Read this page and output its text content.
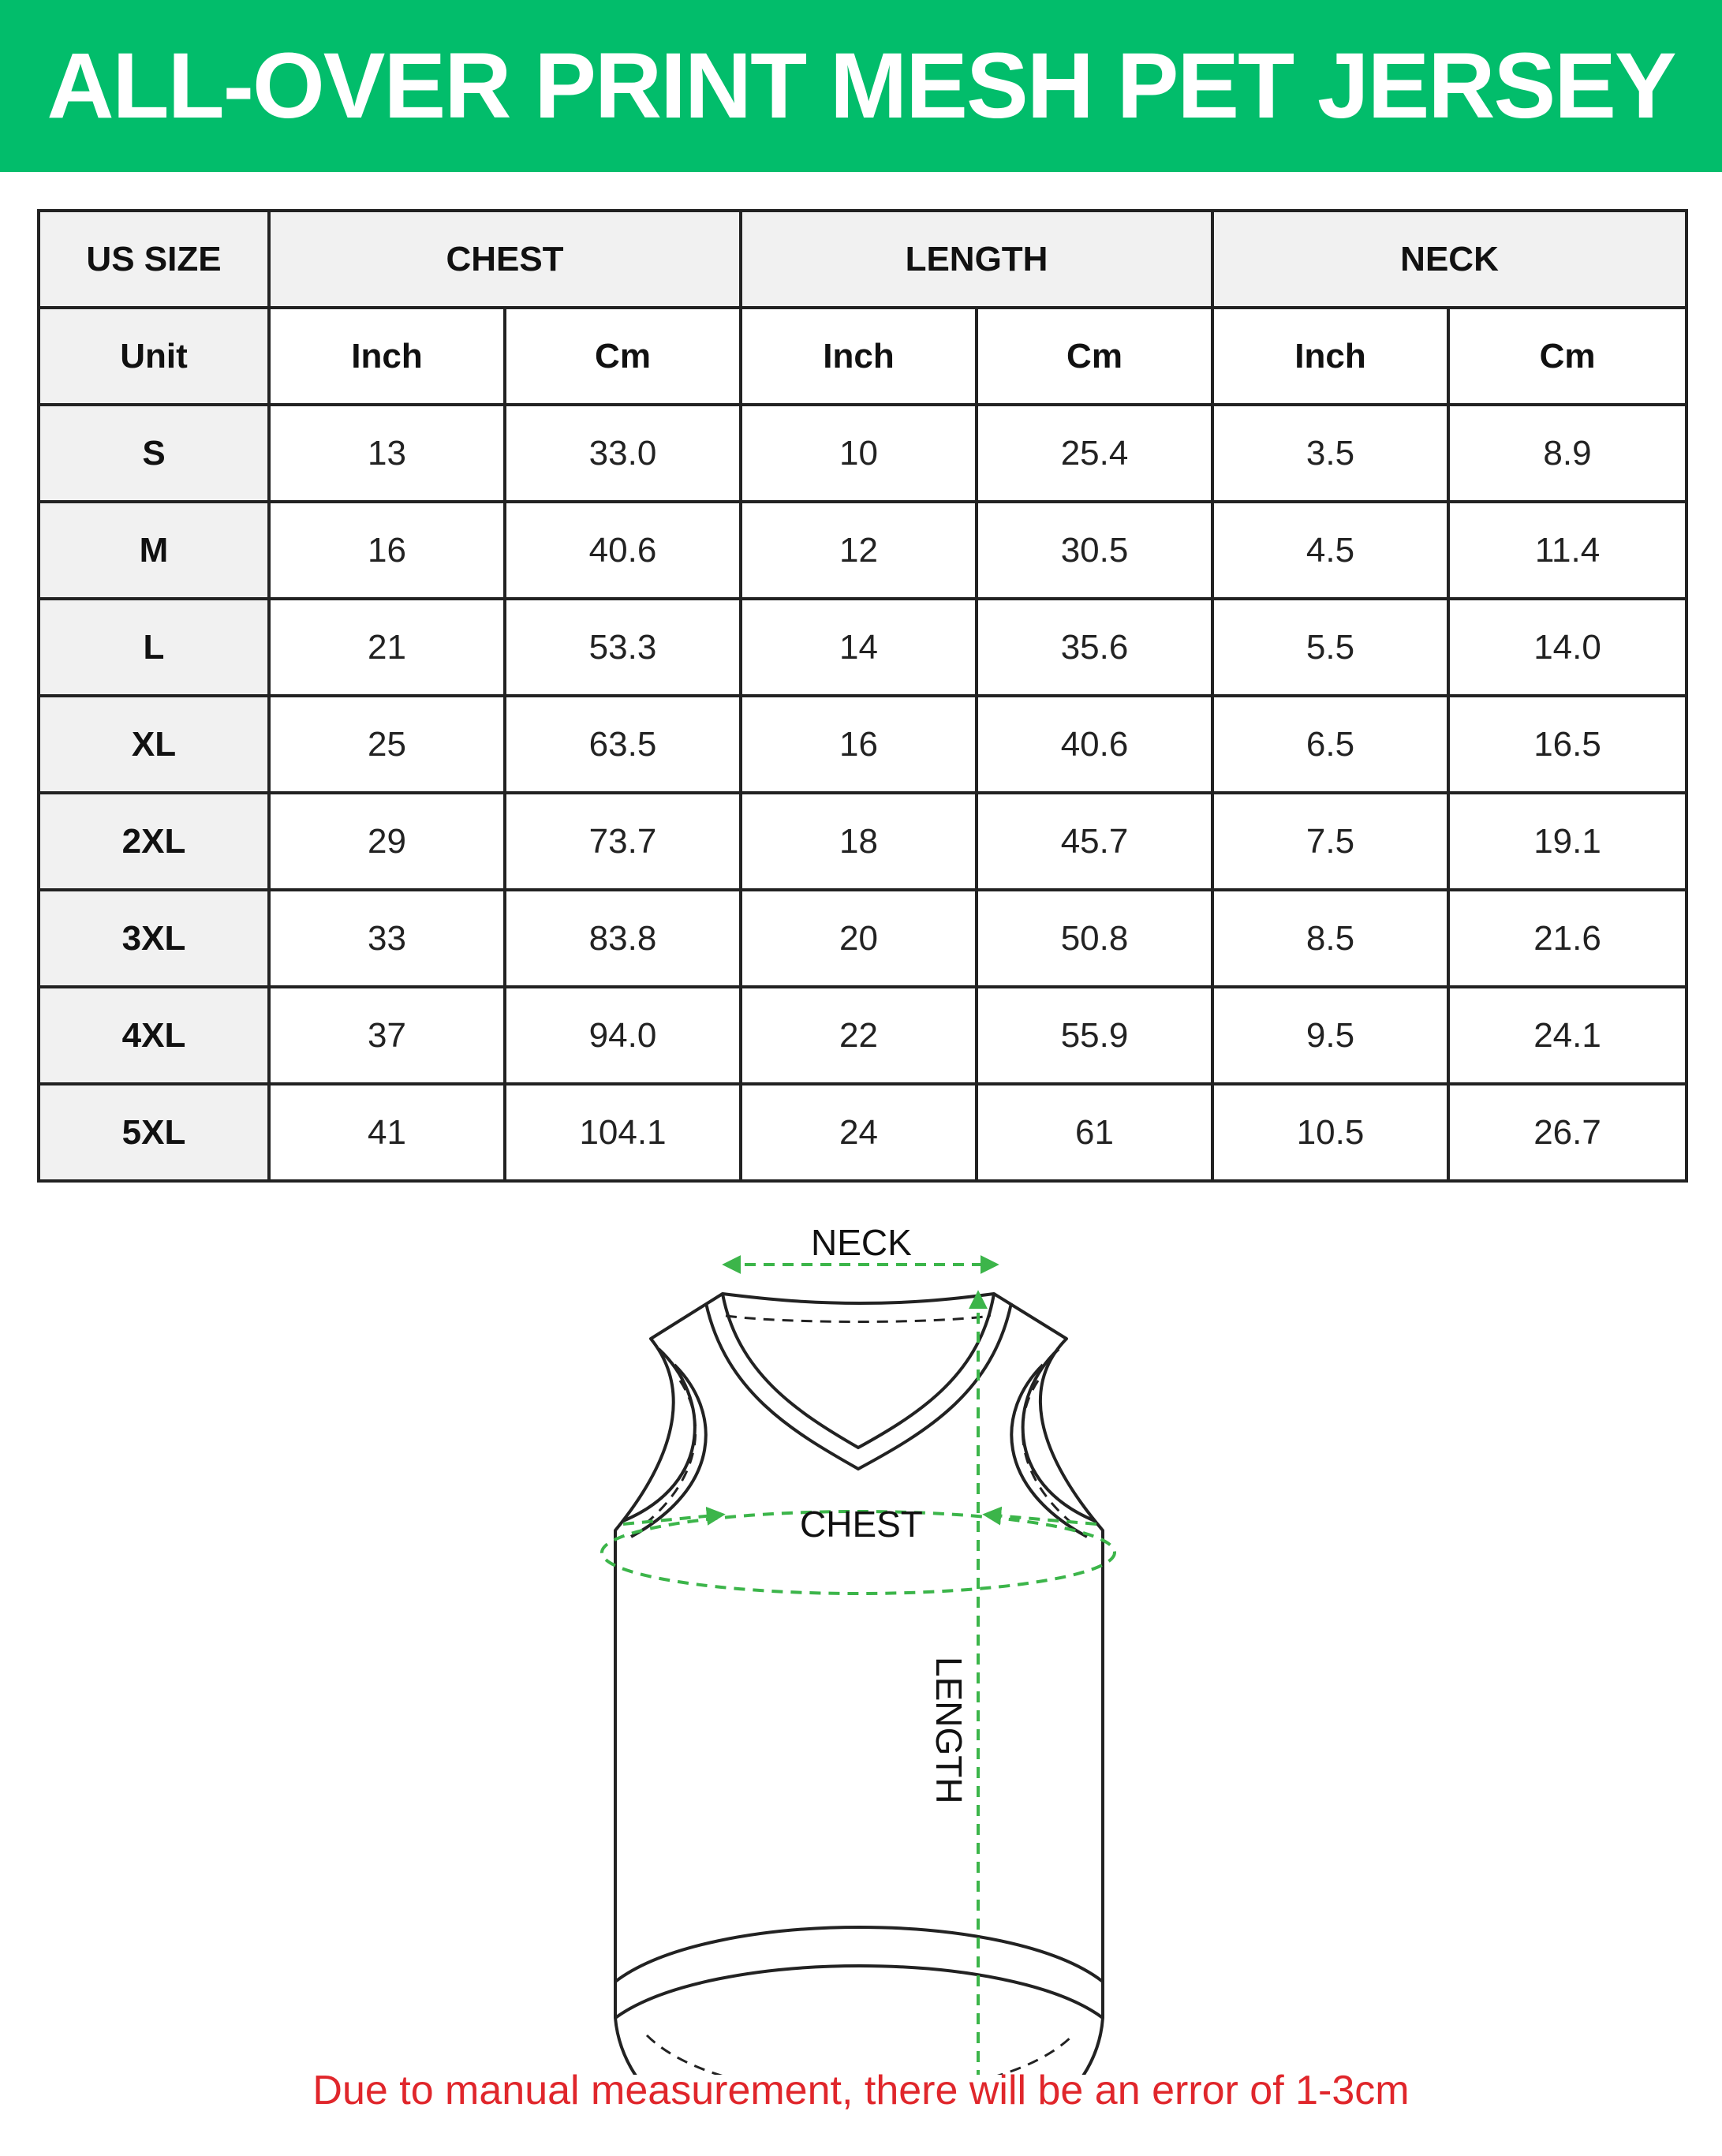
ALL-OVER PRINT MESH PET JERSEY
US SIZE	CHEST		LENGTH		NECK	
Unit	Inch	Cm	Inch	Cm	Inch	Cm
S	13	33.0	10	25.4	3.5	8.9
M	16	40.6	12	30.5	4.5	11.4
L	21	53.3	14	35.6	5.5	14.0
XL	25	63.5	16	40.6	6.5	16.5
2XL	29	73.7	18	45.7	7.5	19.1
3XL	33	83.8	20	50.8	8.5	21.6
4XL	37	94.0	22	55.9	9.5	24.1
5XL	41	104.1	24	61	10.5	26.7
NECK
CHEST
LENGTH
Due to manual measurement, there will be an error of 1-3cm
